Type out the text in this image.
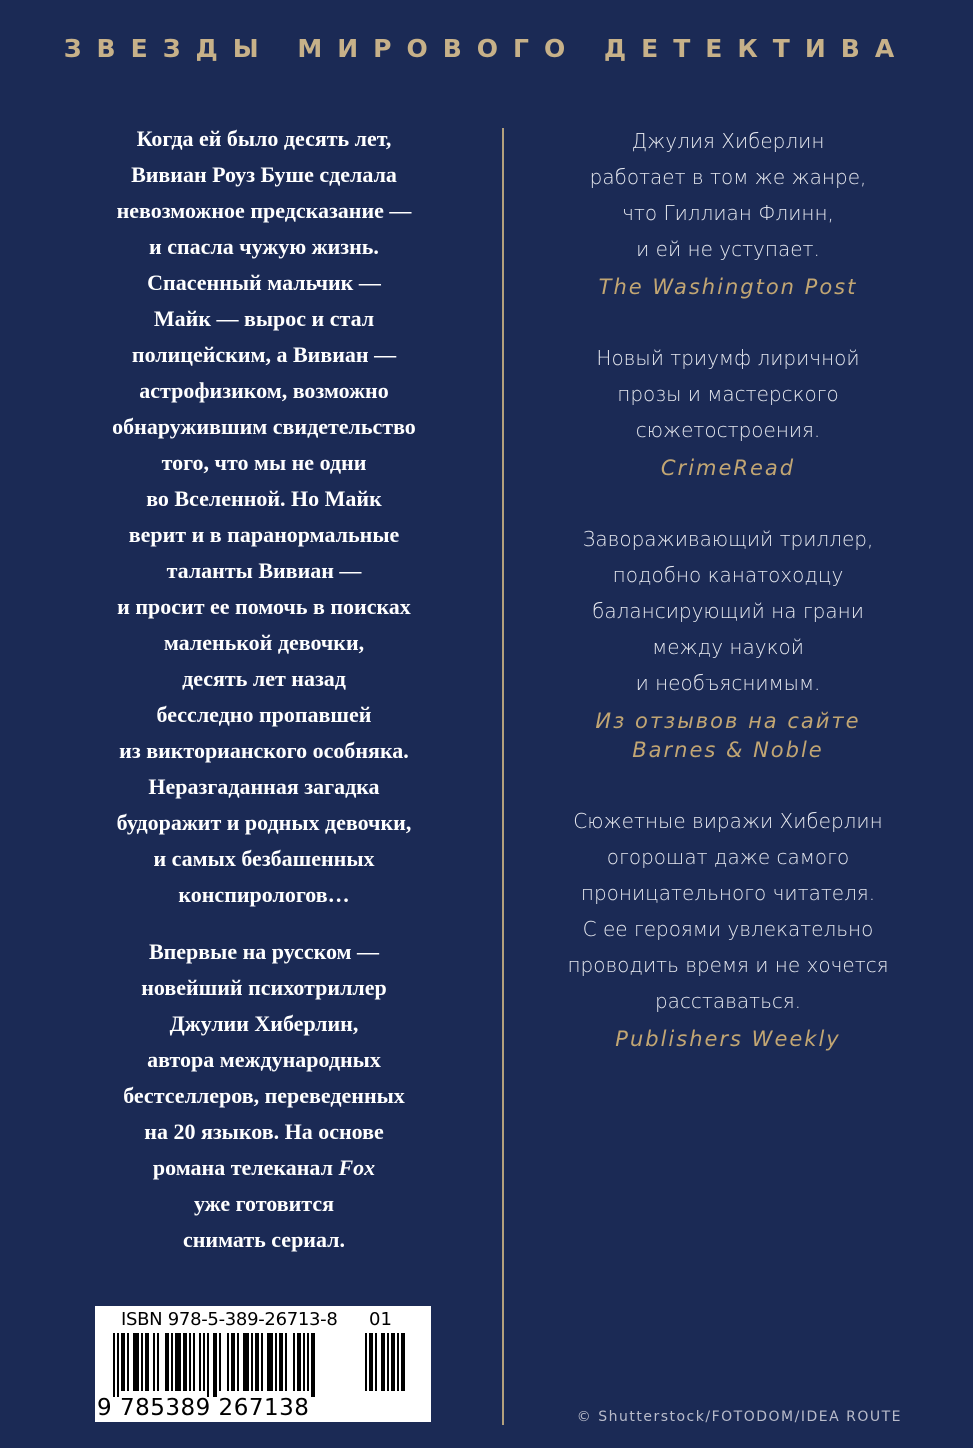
ЗВЕЗДЫ МИРОВОГО ДЕТЕКТИВА
Когда ей было десять лет,
Вивиан Роуз Буше сделала
невозможное предсказание —
и спасла чужую жизнь.
Спасенный мальчик —
Майк — вырос и стал
полицейским, а Вивиан —
астрофизиком, возможно
обнаружившим свидетельство
того, что мы не одни
во Вселенной. Но Майк
верит и в паранормальные
таланты Вивиан —
и просит ее помочь в поисках
маленькой девочки,
десять лет назад
бесследно пропавшей
из викторианского особняка.
Неразгаданная загадка
будоражит и родных девочки,
и самых безбашенных
конспирологов…
Впервые на русском —
новейший психотриллер
Джулии Хиберлин,
автора международных
бестселлеров, переведенных
на 20 языков. На основе
романа телеканал Fox
уже готовится
снимать сериал.
Джулия Хиберлин
работает в том же жанре,
что Гиллиан Флинн,
и ей не уступает.
The Washington Post
Новый триумф лиричной
прозы и мастерского
сюжетостроения.
CrimeRead
Завораживающий триллер,
подобно канатоходцу
балансирующий на грани
между наукой
и необъяснимым.
Из отзывов на сайте
Barnes & Noble
Сюжетные виражи Хиберлин
огорошат даже самого
проницательного читателя.
С ее героями увлекательно
проводить время и не хочется
расставаться.
Publishers Weekly
ISBN 978-5-389-26713-8 01
9 785389 267138	© Shutterstock/FOTODOM/IDEA ROUTE
